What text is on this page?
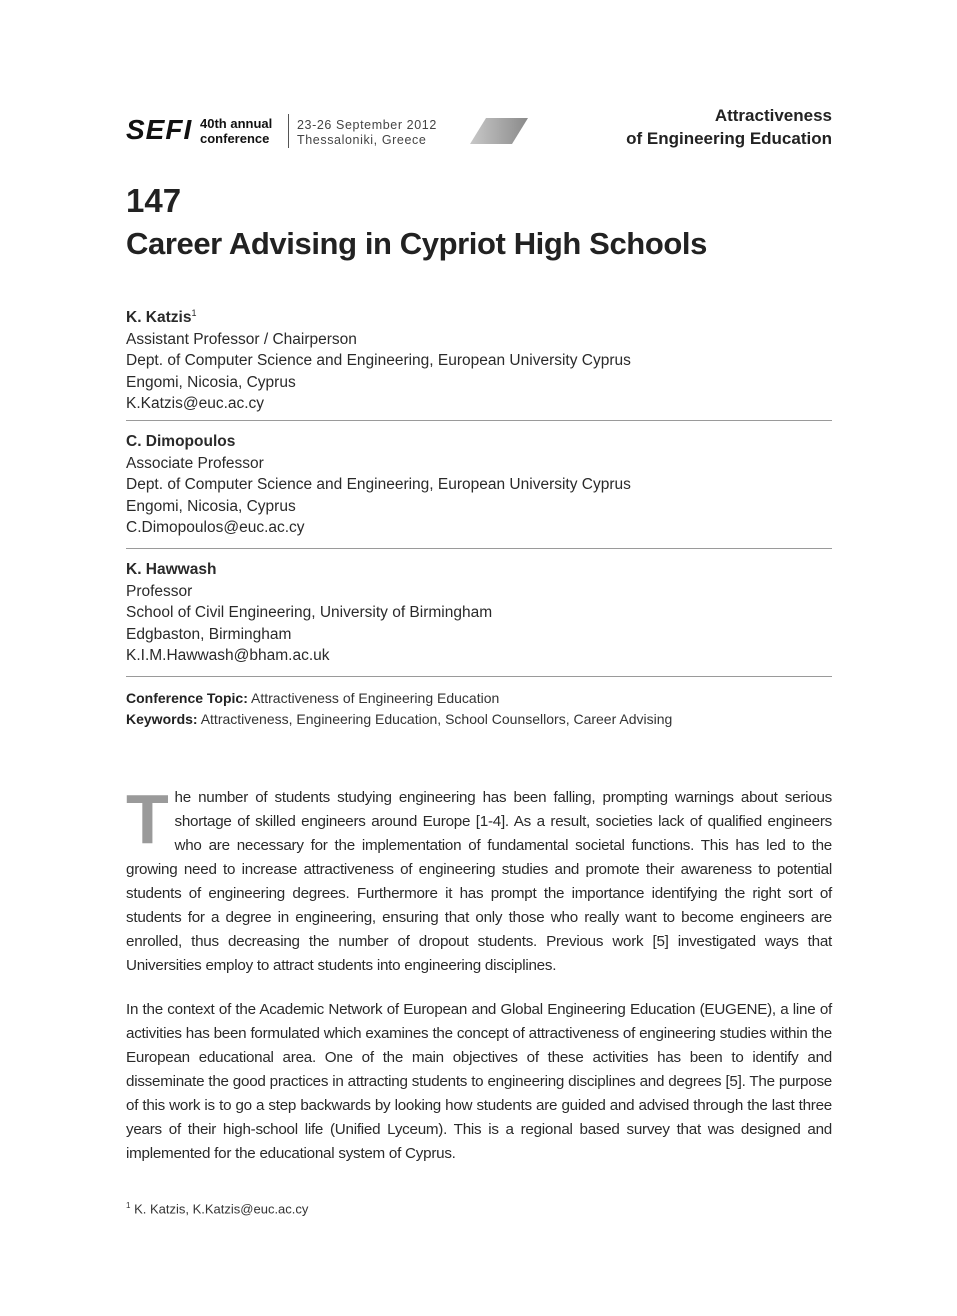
SEFI 40th annual
conference
23-26 September 2012
Thessaloniki, Greece
Attractiveness
of Engineering Education
147
Career Advising in Cypriot High Schools
K. Katzis$^1$
Assistant Professor / Chairperson
Dept. of Computer Science and Engineering, European University Cyprus
Engomi, Nicosia, Cyprus
K.Katzis@euc.ac.cy
C. Dimopoulos
Associate Professor
Dept. of Computer Science and Engineering, European University Cyprus
Engomi, Nicosia, Cyprus
C.Dimopoulos@euc.ac.cy
K. Hawwash
Professor
School of Civil Engineering, University of Birmingham
Edgbaston, Birmingham
K.I.M.Hawwash@bham.ac.uk
Conference Topic: Attractiveness of Engineering Education
Keywords: Attractiveness, Engineering Education, School Counsellors, Career Advising
The number of students studying engineering has been falling, prompting warnings about serious shortage of skilled engineers around Europe [1-4]. As a result, societies lack of qualified engineers who are necessary for the implementation of fundamental societal functions. This has led to the growing need to increase attractiveness of engineering studies and promote their awareness to potential students of engineering degrees. Furthermore it has prompt the importance identifying the right sort of students for a degree in engineering, ensuring that only those who really want to become engineers are enrolled, thus decreasing the number of dropout students. Previous work [5] investigated ways that Universities employ to attract students into engineering disciplines.
In the context of the Academic Network of European and Global Engineering Education (EUGENE), a line of activities has been formulated which examines the concept of attractiveness of engineering studies within the European educational area. One of the main objectives of these activities has been to identify and disseminate the good practices in attracting students to engineering disciplines and degrees [5]. The purpose of this work is to go a step backwards by looking how students are guided and advised through the last three years of their high-school life (Unified Lyceum). This is a regional based survey that was designed and implemented for the educational system of Cyprus.
$^1$ K. Katzis, K.Katzis@euc.ac.cy
